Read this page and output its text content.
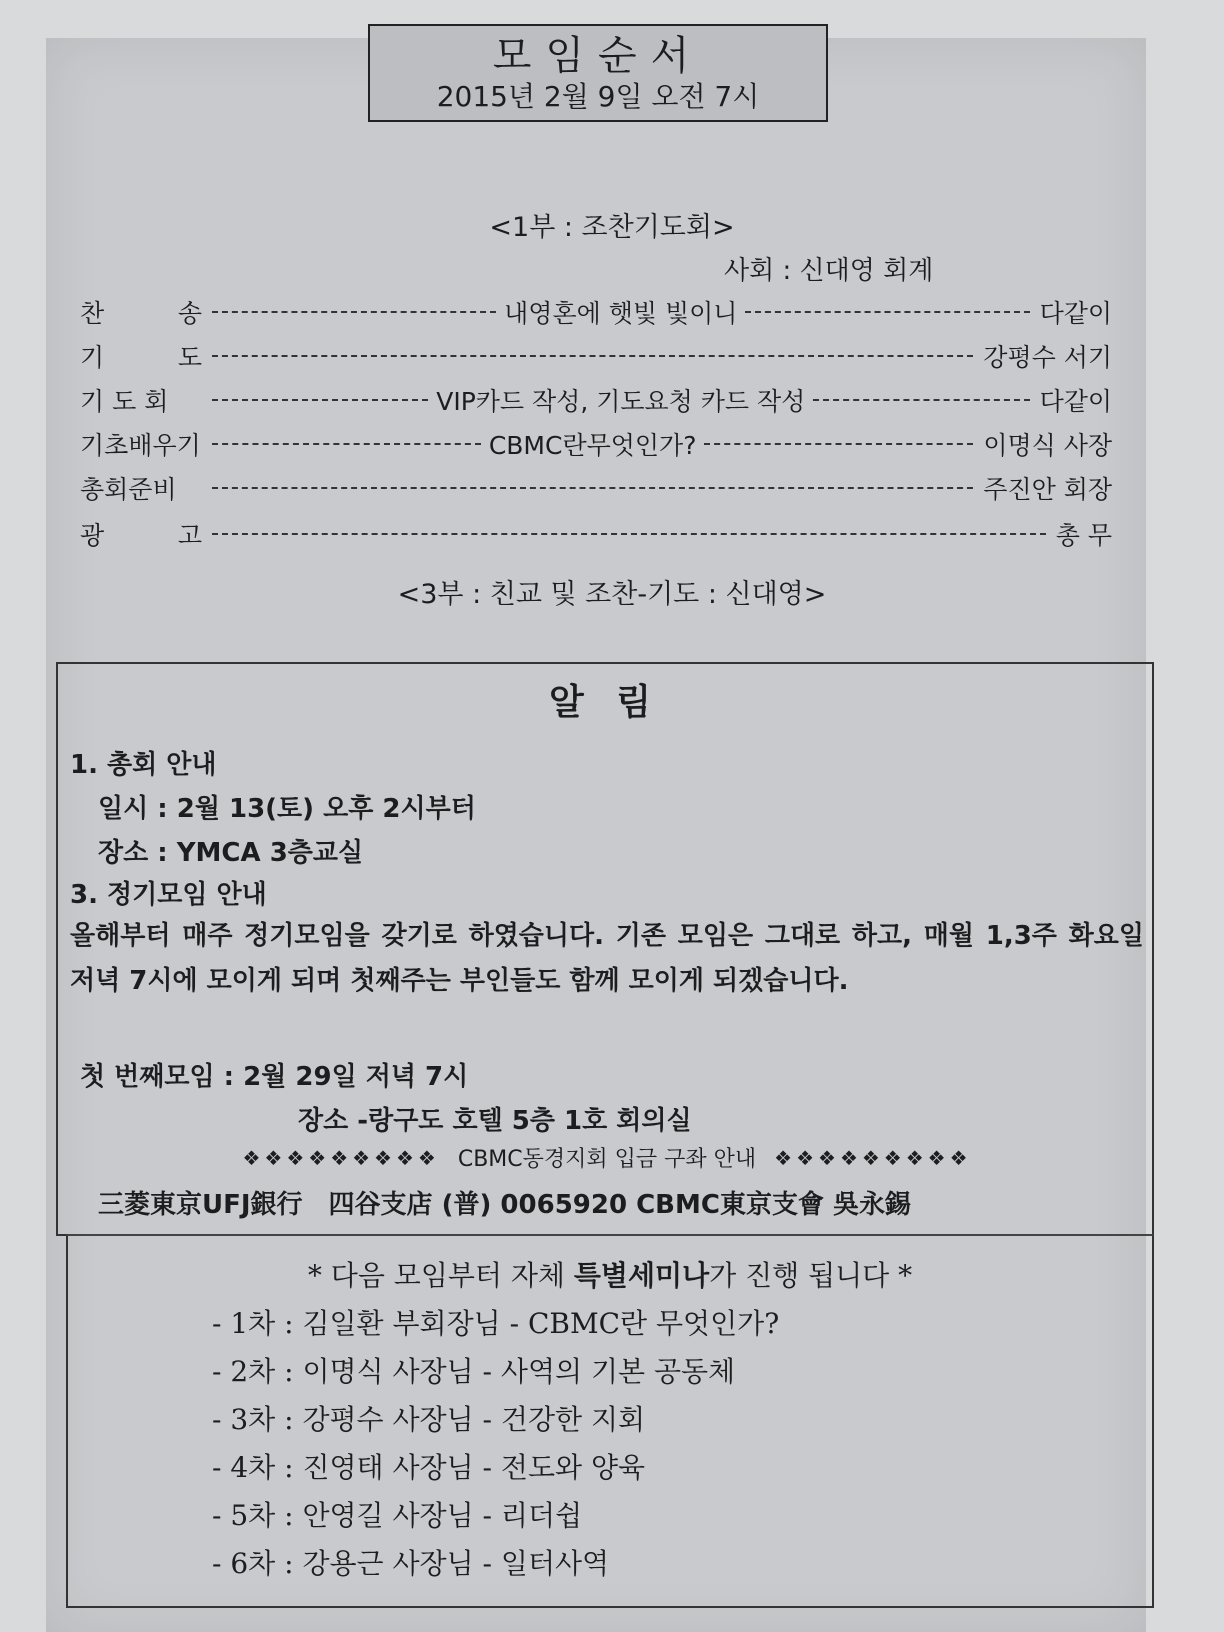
모임순서
2015년 2월 9일 오전 7시
<1부 : 조찬기도회>
사회 : 신대영 회계
찬	송	내영혼에 햇빛 빛이니	다같이
기	도	강평수 서기
기 도 회	VIP카드 작성, 기도요청 카드 작성	다같이
기초배우기	CBMC란무엇인가?	이명식 사장
총회준비	주진안 회장
광	고	총 무
<3부 : 친교 및 조찬-기도 : 신대영>
알 림
1. 총회 안내
일시 : 2월 13(토) 오후 2시부터
장소 : YMCA 3층교실
3. 정기모임 안내
올해부터 매주 정기모임을 갖기로 하였습니다. 기존 모임은 그대로 하고, 매월 1,3주 화요일 저녁 7시에 모이게 되며 첫째주는 부인들도 함께 모이게 되겠습니다.
첫 번째모임 : 2월 29일 저녁 7시
장소 -랑구도 호텔 5층 1호 회의실
❖❖❖❖❖❖❖❖❖ CBMC동경지회 입금 구좌 안내 ❖❖❖❖❖❖❖❖❖
三菱東京UFJ銀行　四谷支店 (普) 0065920 CBMC東京支會 吳永錫
* 다음 모임부터 자체 특별세미나가 진행 됩니다 *
- 1차 : 김일환 부회장님 - CBMC란 무엇인가?
- 2차 : 이명식 사장님 - 사역의 기본 공동체
- 3차 : 강평수 사장님 - 건강한 지회
- 4차 : 진영태 사장님 - 전도와 양육
- 5차 : 안영길 사장님 - 리더쉽
- 6차 : 강용근 사장님 - 일터사역
